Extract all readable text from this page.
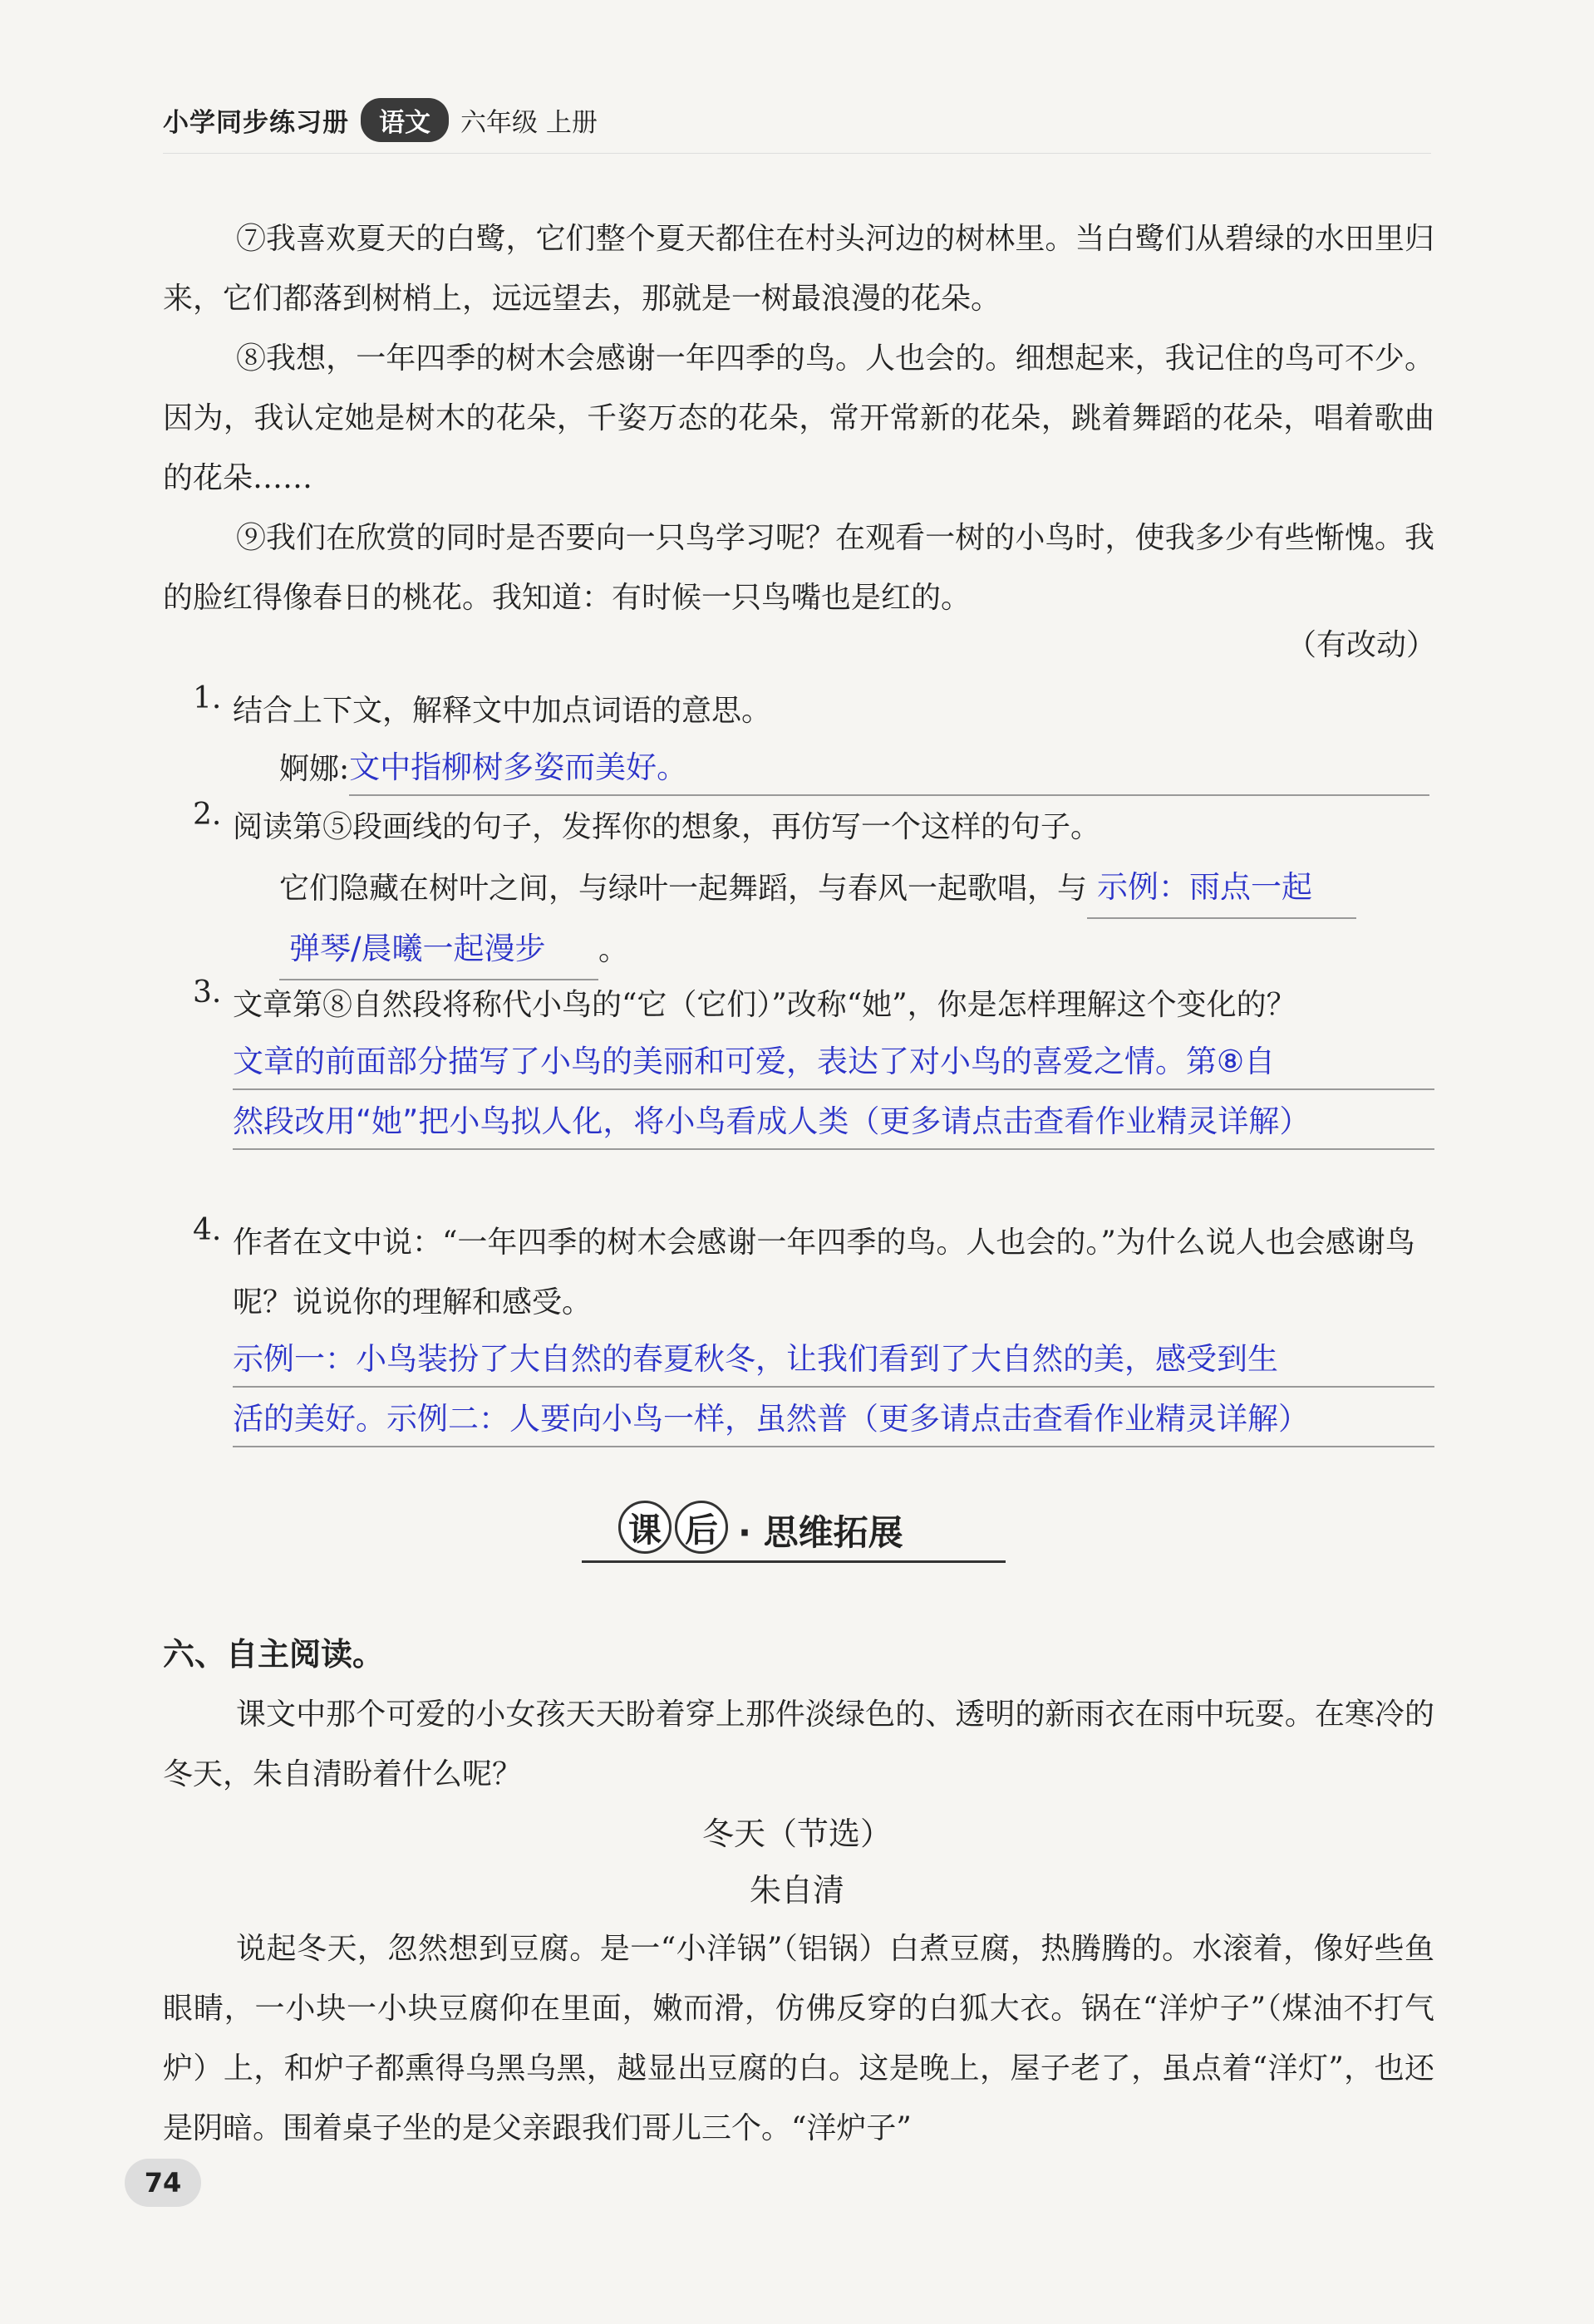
小学同步练习册	语文	六年级 上册

⑦我喜欢夏天的白鹭，它们整个夏天都住在村头河边的树林里。当白鹭们从碧绿的水田里归来，它们都落到树梢上，远远望去，那就是一树最浪漫的花朵。

⑧我想，一年四季的树木会感谢一年四季的鸟。人也会的。细想起来，我记住的鸟可不少。因为，我认定她是树木的花朵，千姿万态的花朵，常开常新的花朵，跳着舞蹈的花朵，唱着歌曲的花朵……

⑨我们在欣赏的同时是否要向一只鸟学习呢？在观看一树的小鸟时，使我多少有些惭愧。我的脸红得像春日的桃花。我知道：有时候一只鸟嘴也是红的。

（有改动）
1. 结合上下文，解释文中加点词语的意思。

婀娜: 文中指柳树多姿而美好。
2. 阅读第⑤段画线的句子，发挥你的想象，再仿写一个这样的句子。

它们隐藏在树叶之间，与绿叶一起舞蹈，与春风一起歌唱，与 示例：雨点一起

弹琴/晨曦一起漫步 。

3. 文章第⑧自然段将称代小鸟的“它（它们）”改称“她”，你是怎样理解这个变化的？

文章的前面部分描写了小鸟的美丽和可爱，表达了对小鸟的喜爱之情。第⑧自
然段改用“她”把小鸟拟人化，将小鸟看成人类（更多请点击查看作业精灵详解）
4. 作者在文中说：“一年四季的树木会感谢一年四季的鸟。人也会的。”为什么说人也会感谢鸟呢？说说你的理解和感受。

示例一：小鸟装扮了大自然的春夏秋冬，让我们看到了大自然的美，感受到生
活的美好。示例二：人要向小鸟一样，虽然普（更多请点击查看作业精灵详解）
课 后 · 思维拓展
六、自主阅读。

课文中那个可爱的小女孩天天盼着穿上那件淡绿色的、透明的新雨衣在雨中玩耍。在寒冷的冬天，朱自清盼着什么呢？

冬天（节选）
朱自清

说起冬天，忽然想到豆腐。是一“小洋锅”（铝锅）白煮豆腐，热腾腾的。水滚着，像好些鱼眼睛，一小块一小块豆腐仰在里面，嫩而滑，仿佛反穿的白狐大衣。锅在“洋炉子”（煤油不打气炉）上，和炉子都熏得乌黑乌黑，越显出豆腐的白。这是晚上，屋子老了，虽点着“洋灯”，也还是阴暗。围着桌子坐的是父亲跟我们哥儿三个。“洋炉子”

74
